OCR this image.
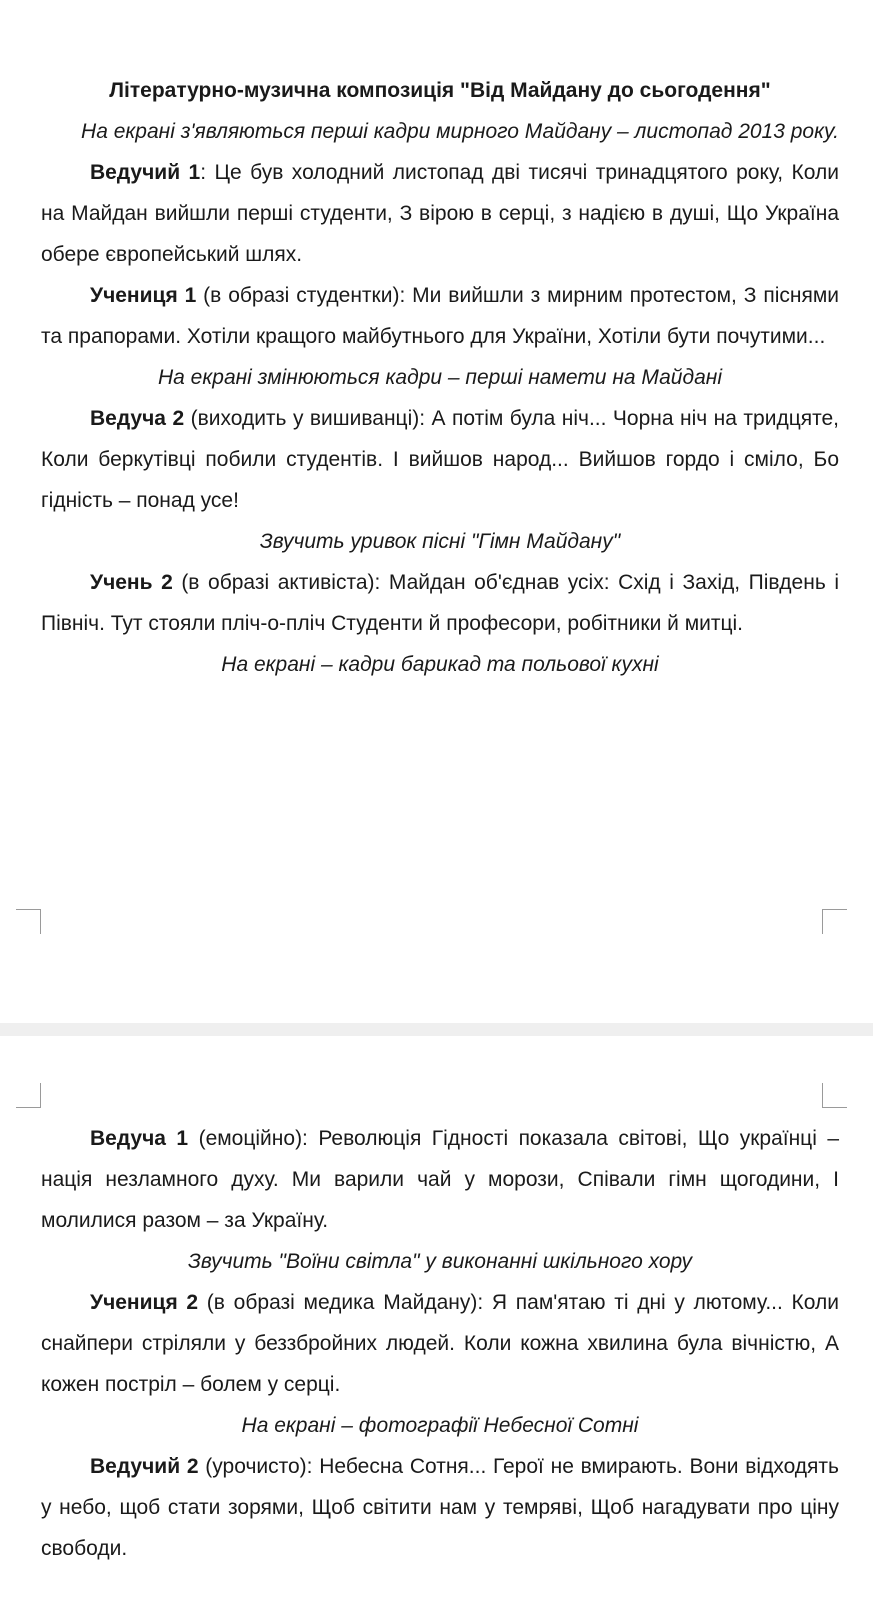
Літературно-музична композиція "Від Майдану до сьогодення"

На екрані з'являються перші кадри мирного Майдану – листопад 2013 року.

Ведучий 1: Це був холодний листопад дві тисячі тринадцятого року, Коли на Майдан вийшли перші студенти, З вірою в серці, з надією в душі, Що Україна обере європейський шлях.

Учениця 1 (в образі студентки): Ми вийшли з мирним протестом, З піснями та прапорами. Хотіли кращого майбутнього для України, Хотіли бути почутими...

На екрані змінюються кадри – перші намети на Майдані

Ведуча 2 (виходить у вишиванці): А потім була ніч... Чорна ніч на тридцяте, Коли беркутівці побили студентів. І вийшов народ... Вийшов гордо і сміло, Бо гідність – понад усе!

Звучить уривок пісні "Гімн Майдану"

Учень 2 (в образі активіста): Майдан об'єднав усіх: Схід і Захід, Південь і Північ. Тут стояли пліч-о-пліч Студенти й професори, робітники й митці.

На екрані – кадри барикад та польової кухні

Ведуча 1 (емоційно): Революція Гідності показала світові, Що українці – нація незламного духу. Ми варили чай у морози, Співали гімн щогодини, І молилися разом – за Україну.

Звучить "Воїни світла" у виконанні шкільного хору

Учениця 2 (в образі медика Майдану): Я пам'ятаю ті дні у лютому... Коли снайпери стріляли у беззбройних людей. Коли кожна хвилина була вічністю, А кожен постріл – болем у серці.

На екрані – фотографії Небесної Сотні

Ведучий 2 (урочисто): Небесна Сотня... Герої не вмирають. Вони відходять у небо, щоб стати зорями, Щоб світити нам у темряві, Щоб нагадувати про ціну свободи.
